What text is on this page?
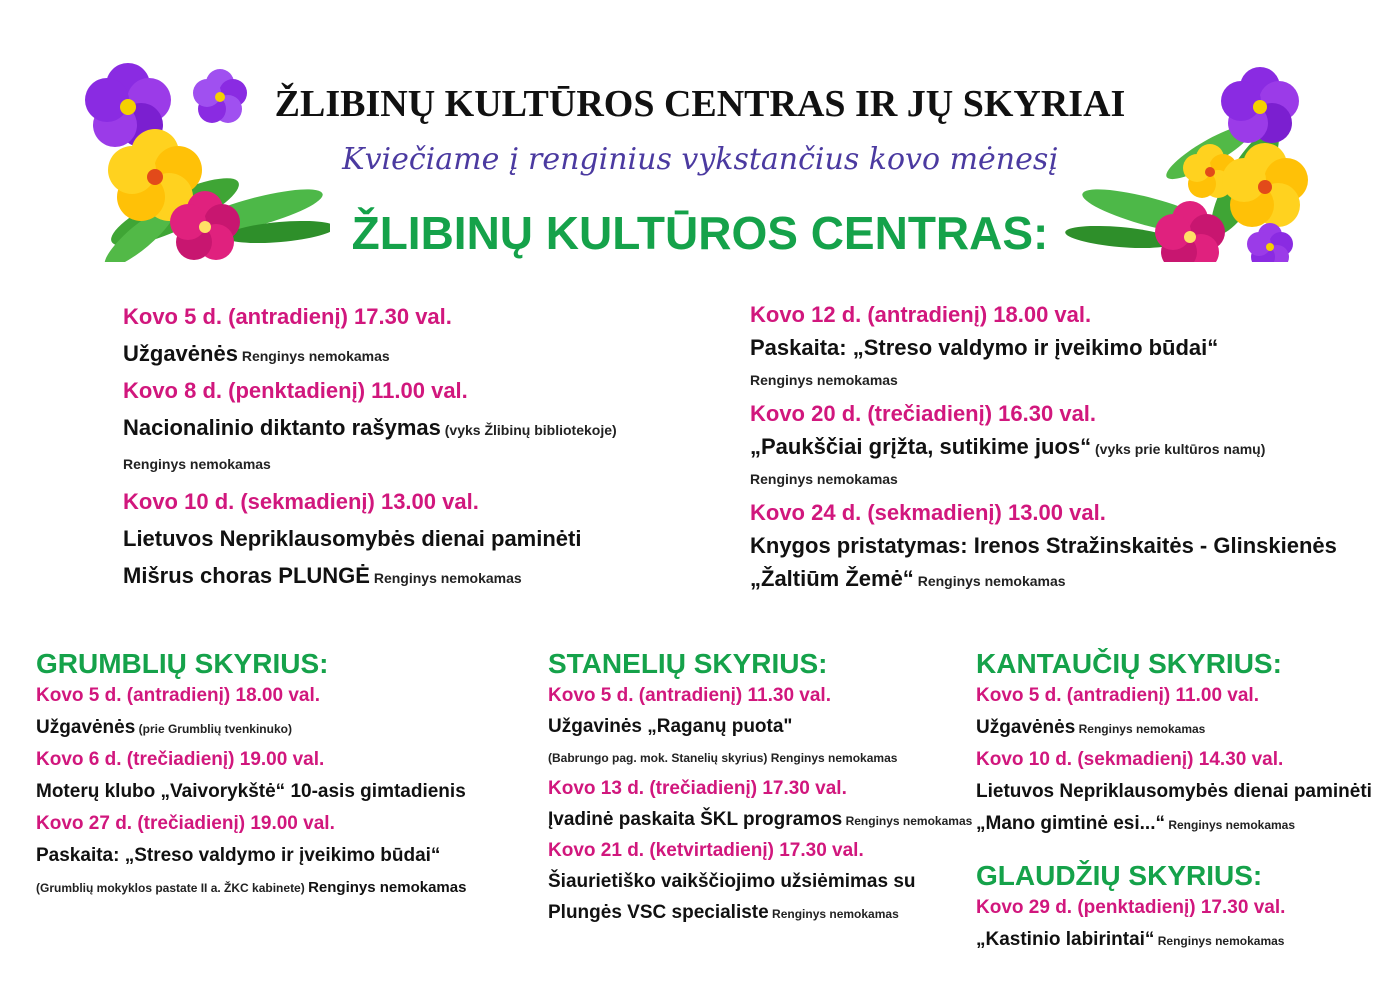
ŽLIBINŲ KULTŪROS CENTRAS IR JŲ SKYRIAI
Kviečiame į renginius vykstančius kovo mėnesį
ŽLIBINŲ KULTŪROS CENTRAS:
Kovo 5 d. (antradienį) 17.30 val.
Užgavėnės Renginys nemokamas
Kovo 8 d. (penktadienį) 11.00 val.
Nacionalinio diktanto rašymas (vyks Žlibinų bibliotekoje)
Renginys nemokamas
Kovo 10 d. (sekmadienį) 13.00 val.
Lietuvos Nepriklausomybės dienai paminėti
Mišrus choras PLUNGĖ Renginys nemokamas
Kovo 12 d. (antradienį) 18.00 val.
Paskaita: „Streso valdymo ir įveikimo būdai“
Renginys nemokamas
Kovo 20 d. (trečiadienį) 16.30 val.
„Paukščiai grįžta, sutikime juos“ (vyks prie kultūros namų)
Renginys nemokamas
Kovo 24 d. (sekmadienį) 13.00 val.
Knygos pristatymas: Irenos Stražinskaitės - Glinskienės
„Žaltiūm Žemė“ Renginys nemokamas
GRUMBLIŲ SKYRIUS:
Kovo 5 d. (antradienį) 18.00 val.
Užgavėnės (prie Grumblių tvenkinuko)
Kovo 6 d. (trečiadienį) 19.00 val.
Moterų klubo „Vaivorykštė“ 10-asis gimtadienis
Kovo 27 d. (trečiadienį) 19.00 val.
Paskaita: „Streso valdymo ir įveikimo būdai“
(Grumblių mokyklos pastate II a. ŽKC kabinete) Renginys nemokamas
STANELIŲ SKYRIUS:
Kovo 5 d. (antradienį) 11.30 val.
Užgavinės „Raganų puota"
(Babrungo pag. mok. Stanelių skyrius) Renginys nemokamas
Kovo 13 d. (trečiadienį) 17.30 val.
Įvadinė paskaita ŠKL programos Renginys nemokamas
Kovo 21 d. (ketvirtadienį) 17.30 val.
Šiaurietiško vaikščiojimo užsiėmimas su
Plungės VSC specialiste Renginys nemokamas
KANTAUČIŲ SKYRIUS:
Kovo 5 d. (antradienį) 11.00 val.
Užgavėnės Renginys nemokamas
Kovo 10 d. (sekmadienį) 14.30 val.
Lietuvos Nepriklausomybės dienai paminėti
„Mano gimtinė esi...“ Renginys nemokamas
GLAUDŽIŲ SKYRIUS:
Kovo 29 d. (penktadienį) 17.30 val.
„Kastinio labirintai“ Renginys nemokamas
